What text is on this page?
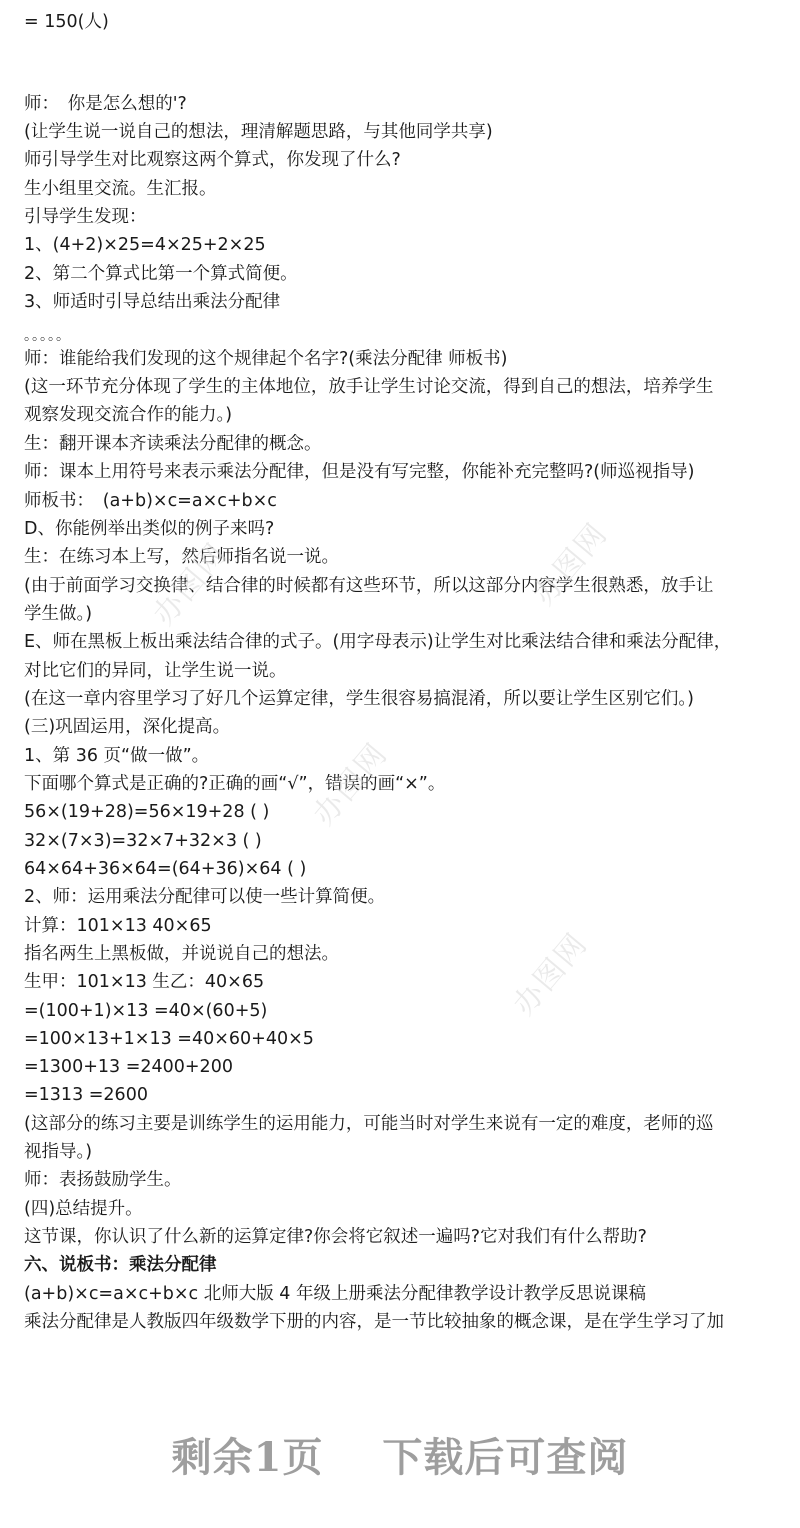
= 150(人)
师：　你是怎么想的'?
(让学生说一说自己的想法，理清解题思路，与其他同学共享)
师引导学生对比观察这两个算式，你发现了什么?
生小组里交流。生汇报。
引导学生发现：
1、(4+2)×25=4×25+2×25
2、第二个算式比第一个算式简便。
3、师适时引导总结出乘法分配律
。。。。。
师：谁能给我们发现的这个规律起个名字?(乘法分配律 师板书)
(这一环节充分体现了学生的主体地位，放手让学生讨论交流，得到自己的想法，培养学生
观察发现交流合作的能力。)
生：翻开课本齐读乘法分配律的概念。
师：课本上用符号来表示乘法分配律，但是没有写完整，你能补充完整吗?(师巡视指导)
师板书：　(a+b)×c=a×c+b×c
D、你能例举出类似的例子来吗?
生：在练习本上写，然后师指名说一说。
(由于前面学习交换律、结合律的时候都有这些环节，所以这部分内容学生很熟悉，放手让
学生做。)
E、师在黑板上板出乘法结合律的式子。(用字母表示)让学生对比乘法结合律和乘法分配律，
对比它们的异同，让学生说一说。
(在这一章内容里学习了好几个运算定律，学生很容易搞混淆，所以要让学生区别它们。)
(三)巩固运用，深化提高。
1、第 36 页“做一做”。
下面哪个算式是正确的?正确的画“√”，错误的画“×”。
56×(19+28)=56×19+28 ( )
32×(7×3)=32×7+32×3 ( )
64×64+36×64=(64+36)×64 ( )
2、师：运用乘法分配律可以使一些计算简便。
计算：101×13 40×65
指名两生上黑板做，并说说自己的想法。
生甲：101×13 生乙：40×65
=(100+1)×13 =40×(60+5)
=100×13+1×13 =40×60+40×5
=1300+13 =2400+200
=1313 =2600
(这部分的练习主要是训练学生的运用能力，可能当时对学生来说有一定的难度，老师的巡
视指导。)
师：表扬鼓励学生。
(四)总结提升。
这节课，你认识了什么新的运算定律?你会将它叙述一遍吗?它对我们有什么帮助?
六、说板书：乘法分配律
(a+b)×c=a×c+b×c 北师大版 4 年级上册乘法分配律教学设计教学反思说课稿
乘法分配律是人教版四年级数学下册的内容，是一节比较抽象的概念课，是在学生学习了加
办图网
办图网
办图网
办图网
剩余1页 下载后可查阅
